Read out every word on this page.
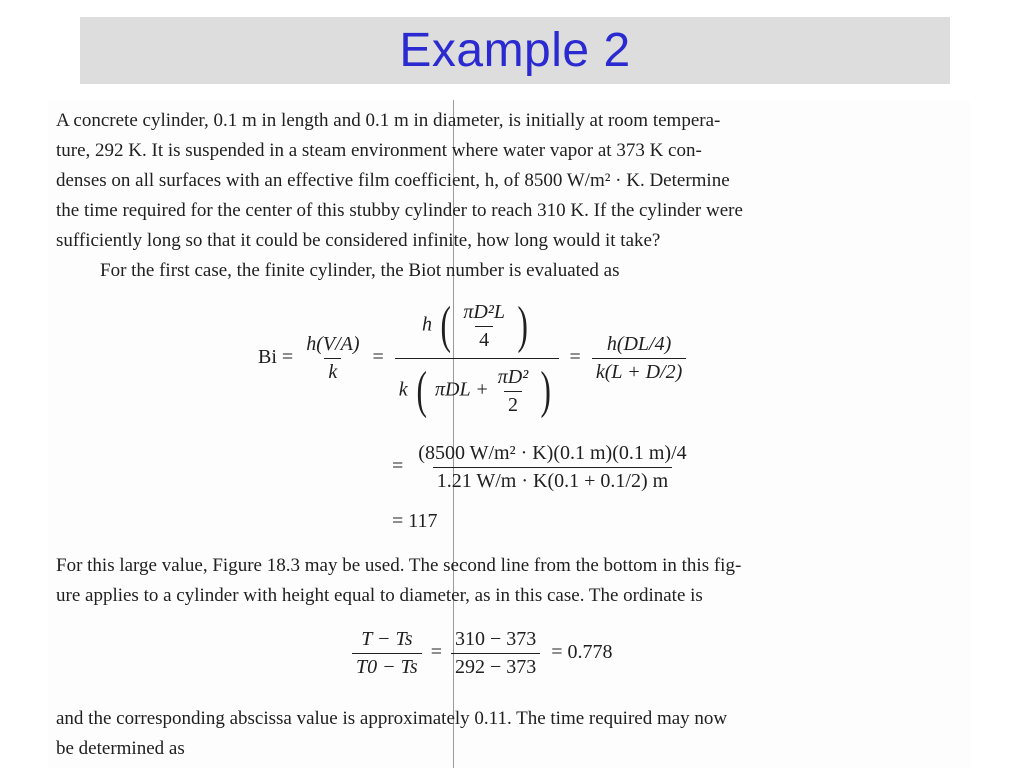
Example 2
A concrete cylinder, 0.1 m in length and 0.1 m in diameter, is initially at room tempera-
ture, 292 K. It is suspended in a steam environment where water vapor at 373 K con-
denses on all surfaces with an effective film coefficient, h, of 8500 W/m² · K. Determine
the time required for the center of this stubby cylinder to reach 310 K. If the cylinder were
sufficiently long so that it could be considered infinite, how long would it take?
For the first case, the finite cylinder, the Biot number is evaluated as
$Bi = \frac{h(V/A)}{k}$ =
h ( $\frac{\text{πD²L}}{4}$ )
k ( $\pi DL + \frac{\text{πD²}}{2}$ )
= $\frac{h(DL/4)}{k(L + D/2)}$
= $\frac{\text{(8500 W/m² · K)(0.1 m)(0.1 m)/4}}{1.21 W/m \cdot K(0.1 + 0.1/2) m}$
= 117
For this large value, Figure 18.3 may be used. The second line from the bottom in this fig-
ure applies to a cylinder with height equal to diameter, as in this case. The ordinate is
$\frac{T - Ts}{T0 - Ts} = \frac{310 - 373}{292 - 373} = 0.778$
and the corresponding abscissa value is approximately 0.11. The time required may now
be determined as
